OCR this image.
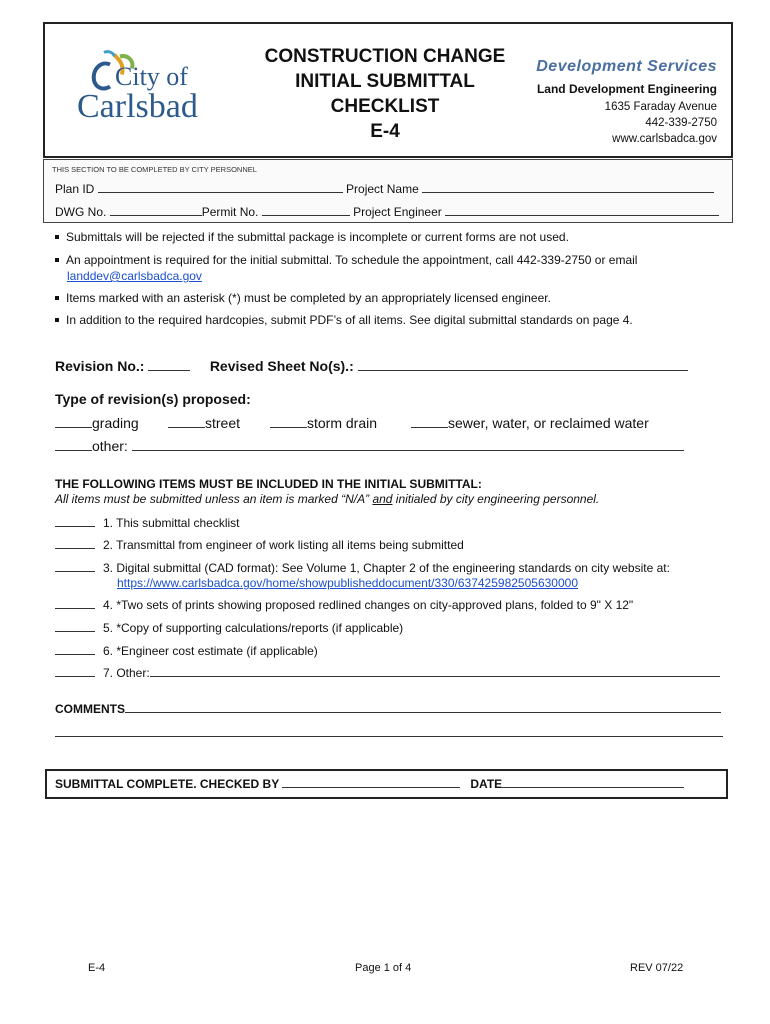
City of
Carlsbad
CONSTRUCTION CHANGE
INITIAL SUBMITTAL
CHECKLIST
E-4
Development Services
Land Development Engineering
1635 Faraday Avenue
442-339-2750
www.carlsbadca.gov
THIS SECTION TO BE COMPLETED BY CITY PERSONNEL
Plan ID	Project Name
DWG No.	Permit No.	Project Engineer
Submittals will be rejected if the submittal package is incomplete or current forms are not used.
An appointment is required for the initial submittal. To schedule the appointment, call 442-339-2750 or email
landdev@carlsbadca.gov
Items marked with an asterisk (*) must be completed by an appropriately licensed engineer.
In addition to the required hardcopies, submit PDF’s of all items. See digital submittal standards on page 4.
Revision No.:	Revised Sheet No(s).:
Type of revision(s) proposed:
grading	street	storm drain	sewer, water, or reclaimed water
other:
THE FOLLOWING ITEMS MUST BE INCLUDED IN THE INITIAL SUBMITTAL:
All items must be submitted unless an item is marked “N/A” and initialed by city engineering personnel.
1. This submittal checklist
2. Transmittal from engineer of work listing all items being submitted
3. Digital submittal (CAD format): See Volume 1, Chapter 2 of the engineering standards on city website at:
https://www.carlsbadca.gov/home/showpublisheddocument/330/637425982505630000
4. *Two sets of prints showing proposed redlined changes on city-approved plans, folded to 9" X 12"
5. *Copy of supporting calculations/reports (if applicable)
6. *Engineer cost estimate (if applicable)
7. Other:
COMMENTS
SUBMITTAL COMPLETE. CHECKED BY	DATE
E-4	Page 1 of 4	REV 07/22
